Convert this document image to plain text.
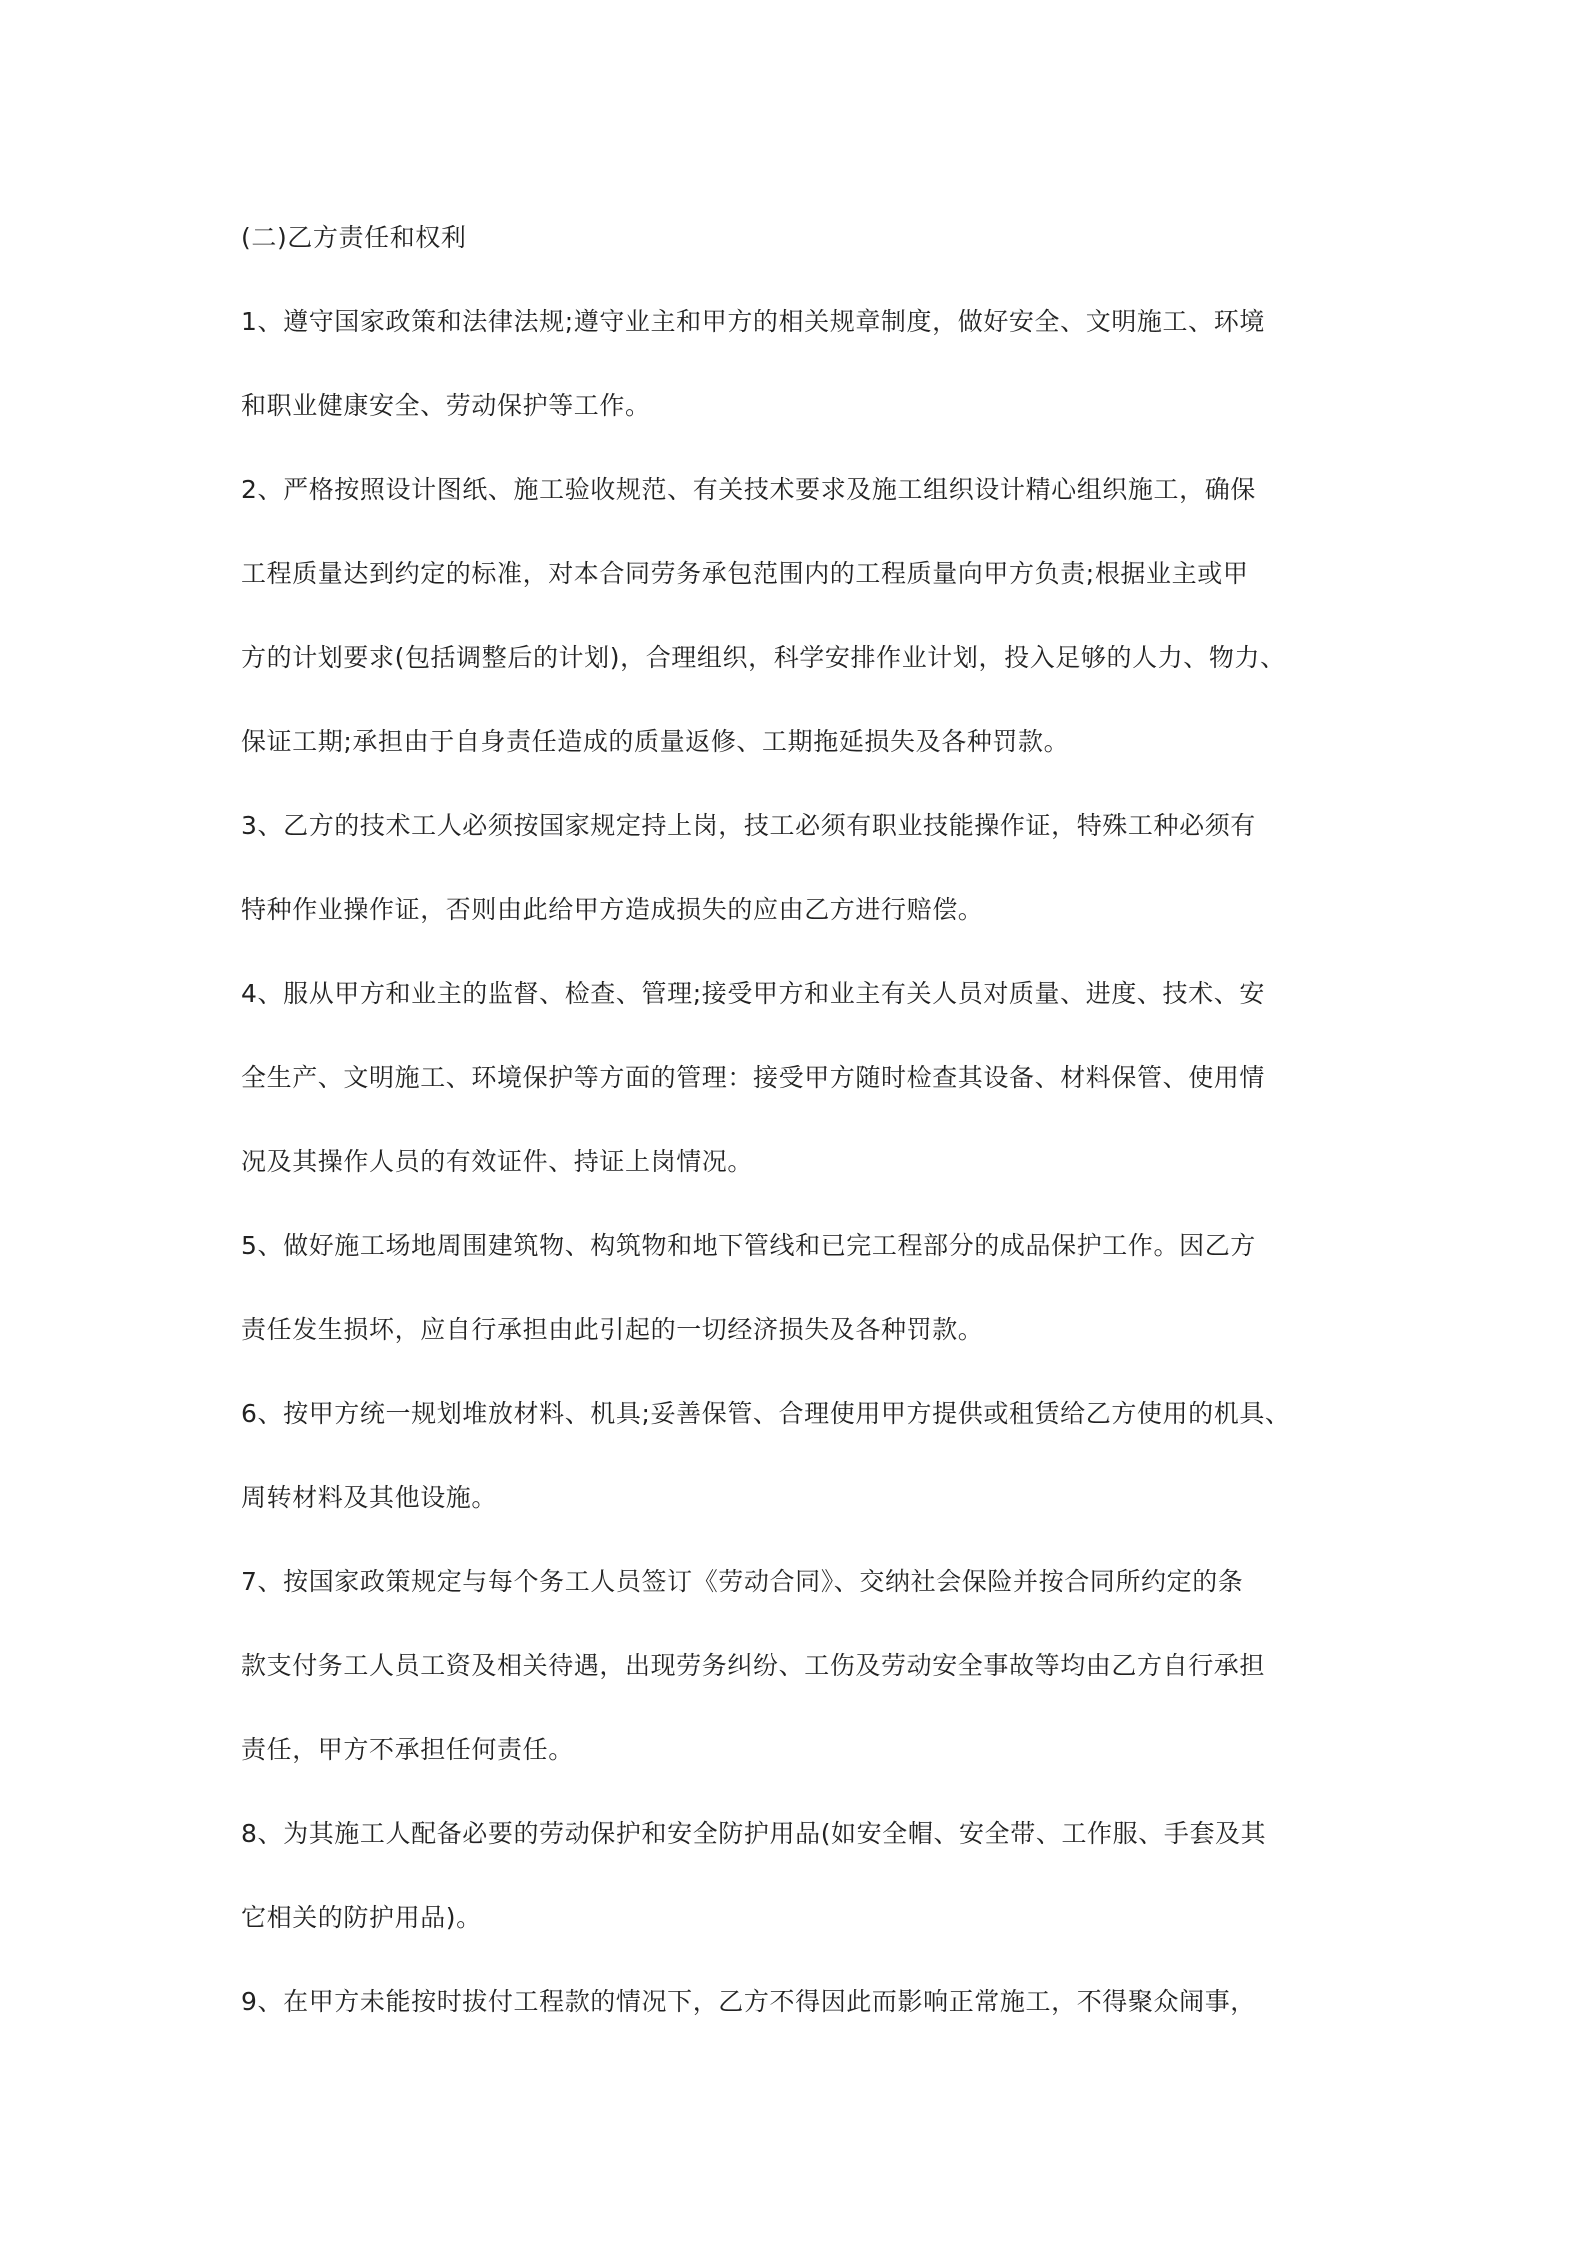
(二)乙方责任和权利
1、遵守国家政策和法律法规;遵守业主和甲方的相关规章制度，做好安全、文明施工、环境
和职业健康安全、劳动保护等工作。
2、严格按照设计图纸、施工验收规范、有关技术要求及施工组织设计精心组织施工，确保
工程质量达到约定的标准，对本合同劳务承包范围内的工程质量向甲方负责;根据业主或甲
方的计划要求(包括调整后的计划)，合理组织，科学安排作业计划，投入足够的人力、物力、
保证工期;承担由于自身责任造成的质量返修、工期拖延损失及各种罚款。
3、乙方的技术工人必须按国家规定持上岗，技工必须有职业技能操作证，特殊工种必须有
特种作业操作证，否则由此给甲方造成损失的应由乙方进行赔偿。
4、服从甲方和业主的监督、检查、管理;接受甲方和业主有关人员对质量、进度、技术、安
全生产、文明施工、环境保护等方面的管理：接受甲方随时检查其设备、材料保管、使用情
况及其操作人员的有效证件、持证上岗情况。
5、做好施工场地周围建筑物、构筑物和地下管线和已完工程部分的成品保护工作。因乙方
责任发生损坏，应自行承担由此引起的一切经济损失及各种罚款。
6、按甲方统一规划堆放材料、机具;妥善保管、合理使用甲方提供或租赁给乙方使用的机具、
周转材料及其他设施。
7、按国家政策规定与每个务工人员签订《劳动合同》、交纳社会保险并按合同所约定的条
款支付务工人员工资及相关待遇，出现劳务纠纷、工伤及劳动安全事故等均由乙方自行承担
责任，甲方不承担任何责任。
8、为其施工人配备必要的劳动保护和安全防护用品(如安全帽、安全带、工作服、手套及其
它相关的防护用品)。
9、在甲方未能按时拔付工程款的情况下，乙方不得因此而影响正常施工，不得聚众闹事，
